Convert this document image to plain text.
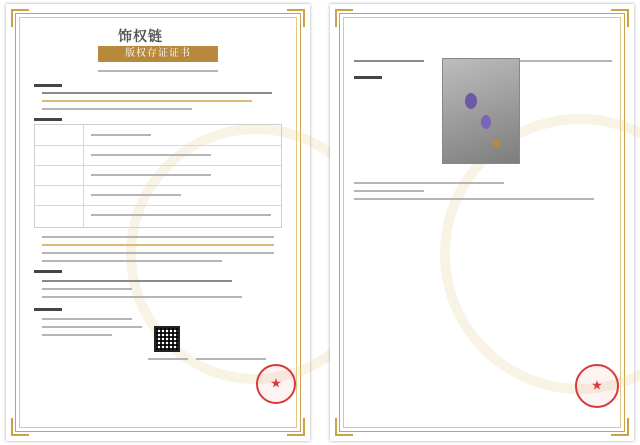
饰权链
版权存证证书
★	★
